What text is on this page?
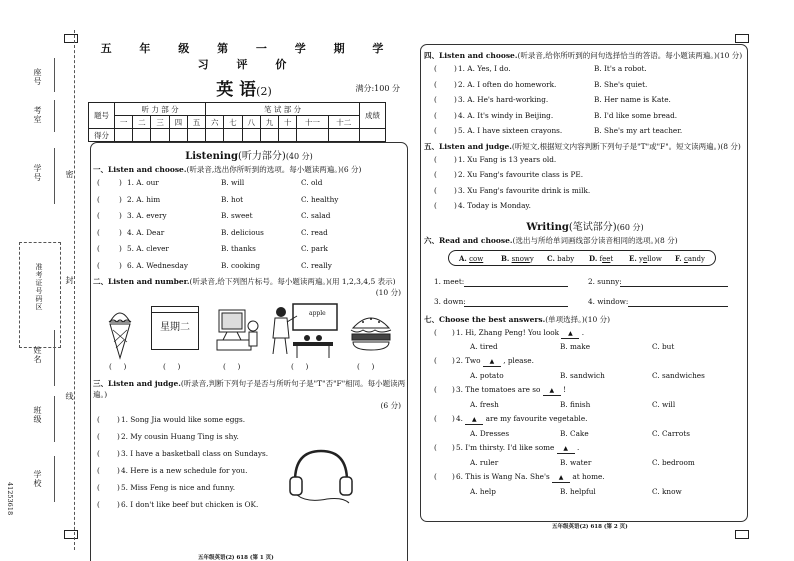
座号
考室
学号	密
准考证号码区	封
姓名
线
班级
学校
41253618
五 年 级 第 一 学 期 学 习 评 价
英 语(2)	满分:100 分
题号	听 力 部 分					笔 试 部 分							成绩
	一	二	三	四	五	六	七	八	九	十	十一	十二	
得分													
Listening(听力部分)(40 分)
一、Listen and choose.(听录音,选出你所听到的选项。每小题读两遍。)(6 分)
(	) 1. A. our	B. will	C. old
(	) 2. A. him	B. hot	C. healthy
(	) 3. A. every	B. sweet	C. salad
(	) 4. A. Dear	B. delicious	C. read
(	) 5. A. clever	B. thanks	C. park
(	) 6. A. Wednesday	B. cooking	C. really
二、Listen and number.(听录音,给下列图片标号。每小题读两遍。)(用 1,2,3,4,5 表示)
(10 分)
星期二
apple
(     )	(     )	(     )	(     )	(     )
三、Listen and judge.(听录音,判断下列句子是否与所听句子是"T"否"F"相同。每小题读两遍。)
(6 分)
( ) 1. Song Jia would like some eggs.
( ) 2. My cousin Huang Ting is shy.
( ) 3. I have a basketball class on Sundays.
( ) 4. Here is a new schedule for you.
( ) 5. Miss Feng is nice and funny.
( ) 6. I don't like beef but chicken is OK.
五年级英语(2) 618 (第 1 页)
四、Listen and choose.(听录音,给你所听到的问句选择恰当的答语。每小题读两遍。)(10 分)
( ) 1. A. Yes, I do.	B. It's a robot.
( ) 2. A. I often do homework.	B. She's quiet.
( ) 3. A. He's hard-working.	B. Her name is Kate.
( ) 4. A. It's windy in Beijing.	B. I'd like some bread.
( ) 5. A. I have sixteen crayons.	B. She's my art teacher.
五、Listen and judge.(听短文,根据短文内容判断下列句子是"T"或"F"。短文读两遍。)(8 分)
( ) 1. Xu Fang is 13 years old.
( ) 2. Xu Fang's favourite class is PE.
( ) 3. Xu Fang's favourite drink is milk.
( ) 4. Today is Monday.
Writing(笔试部分)(60 分)
六、Read and choose.(选出与所给单词画线部分读音相同的选项。)(8 分)
A. cow	B. snowy C. baby D. feet E. yellow F. candy
1. meet:	2. sunny:
3. down:	4. window:
七、Choose the best answers.(单项选择。)(10 分)
( ) 1. Hi, Zhang Peng! You look ▲ .
A. tired	B. make	C. but
( ) 2. Two ▲ , please.
A. potato	B. sandwich	C. sandwiches
( ) 3. The tomatoes are so ▲ !
A. fresh	B. finish	C. will
( ) 4. ▲ are my favourite vegetable.
A. Dresses	B. Cake	C. Carrots
( ) 5. I'm thirsty. I'd like some ▲ .
A. ruler	B. water	C. bedroom
( ) 6. This is Wang Na. She's ▲ at home.
A. help	B. helpful	C. know
五年级英语(2) 618 (第 2 页)
